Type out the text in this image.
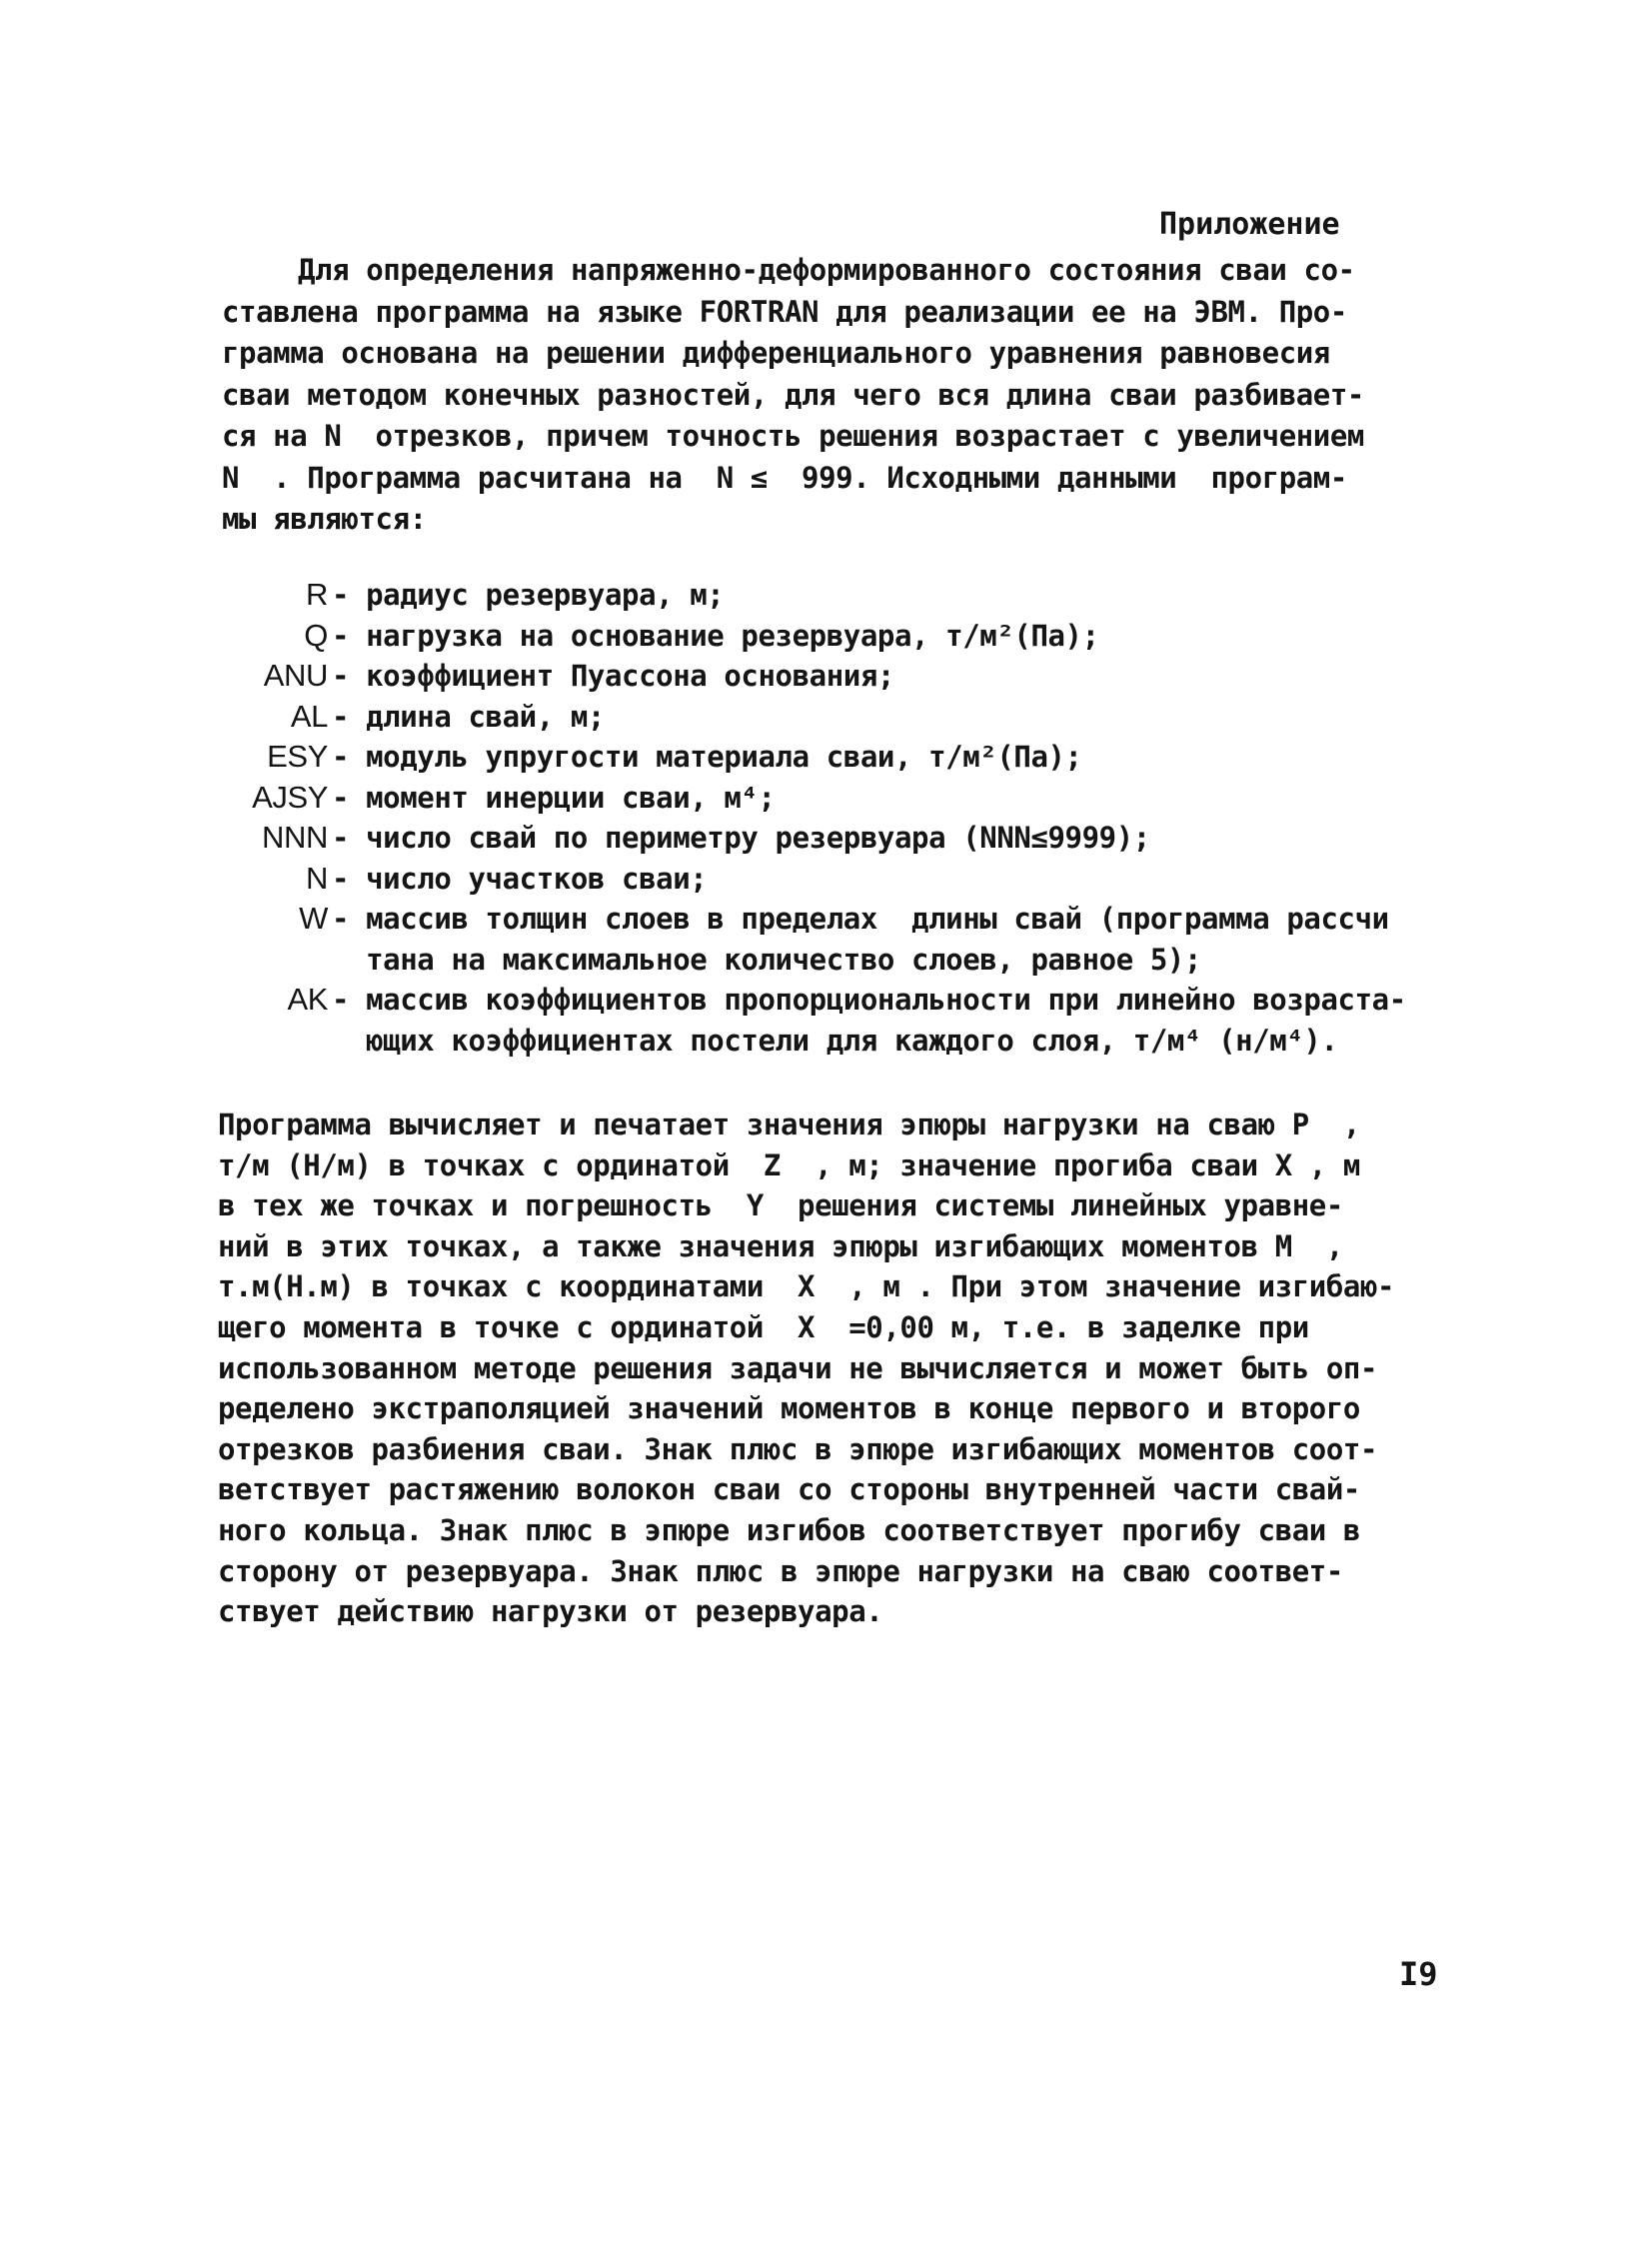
Приложение
Для определения напряженно-деформированного состояния сваи со-
ставлена программа на языке FORTRAN для реализации ее на ЭВМ. Про-
грамма основана на решении дифференциального уравнения равновесия
сваи методом конечных разностей, для чего вся длина сваи разбивает-
ся на N  отрезков, причем точность решения возрастает с увеличением
N  . Программа расчитана на  N ≤  999. Исходными данными  програм-
мы являются:
R - радиус резервуара, м;
Q - нагрузка на основание резервуара, т/м²(Па);
ANU - коэффициент Пуассона основания;
AL - длина свай, м;
ESY - модуль упругости материала сваи, т/м²(Па);
AJSY - момент инерции сваи, м⁴;
NNN - число свай по периметру резервуара (NNN≤9999);
N - число участков сваи;
W - массив толщин слоев в пределах  длины свай (программа рассчи
тана на максимальное количество слоев, равное 5);
AK - массив коэффициентов пропорциональности при линейно возраста-
ющих коэффициентах постели для каждого слоя, т/м⁴ (н/м⁴).
Программа вычисляет и печатает значения эпюры нагрузки на сваю P  ,
т/м (Н/м) в точках с ординатой  Z  , м; значение прогиба сваи X , м
в тех же точках и погрешность  Y  решения системы линейных уравне-
ний в этих точках, а также значения эпюры изгибающих моментов M  ,
т.м(Н.м) в точках с координатами  X  , м . При этом значение изгибаю-
щего момента в точке с ординатой  X  =0,00 м, т.е. в заделке при
использованном методе решения задачи не вычисляется и может быть оп-
ределено экстраполяцией значений моментов в конце первого и второго
отрезков разбиения сваи. Знак плюс в эпюре изгибающих моментов соот-
ветствует растяжению волокон сваи со стороны внутренней части свай-
ного кольца. Знак плюс в эпюре изгибов соответствует прогибу сваи в
сторону от резервуара. Знак плюс в эпюре нагрузки на сваю соответ-
ствует действию нагрузки от резервуара.
I9
